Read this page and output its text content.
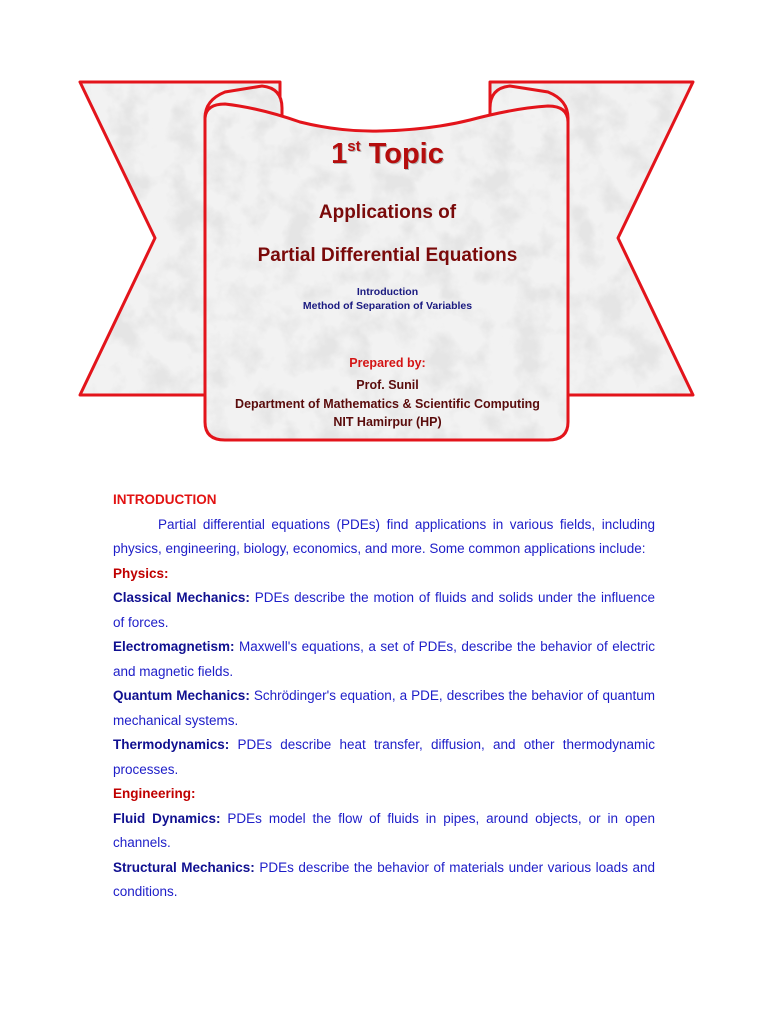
1st Topic
Applications of
Partial Differential Equations
Introduction
Method of Separation of Variables
Prepared by:
Prof. Sunil
Department of Mathematics & Scientific Computing
NIT Hamirpur (HP)

INTRODUCTION

Partial differential equations (PDEs) find applications in various fields, including physics, engineering, biology, economics, and more. Some common applications include:

Physics:

Classical Mechanics: PDEs describe the motion of fluids and solids under the influence of forces.

Electromagnetism: Maxwell's equations, a set of PDEs, describe the behavior of electric and magnetic fields.

Quantum Mechanics: Schrödinger's equation, a PDE, describes the behavior of quantum mechanical systems.

Thermodynamics: PDEs describe heat transfer, diffusion, and other thermodynamic processes.

Engineering:

Fluid Dynamics: PDEs model the flow of fluids in pipes, around objects, or in open channels.

Structural Mechanics: PDEs describe the behavior of materials under various loads and conditions.
